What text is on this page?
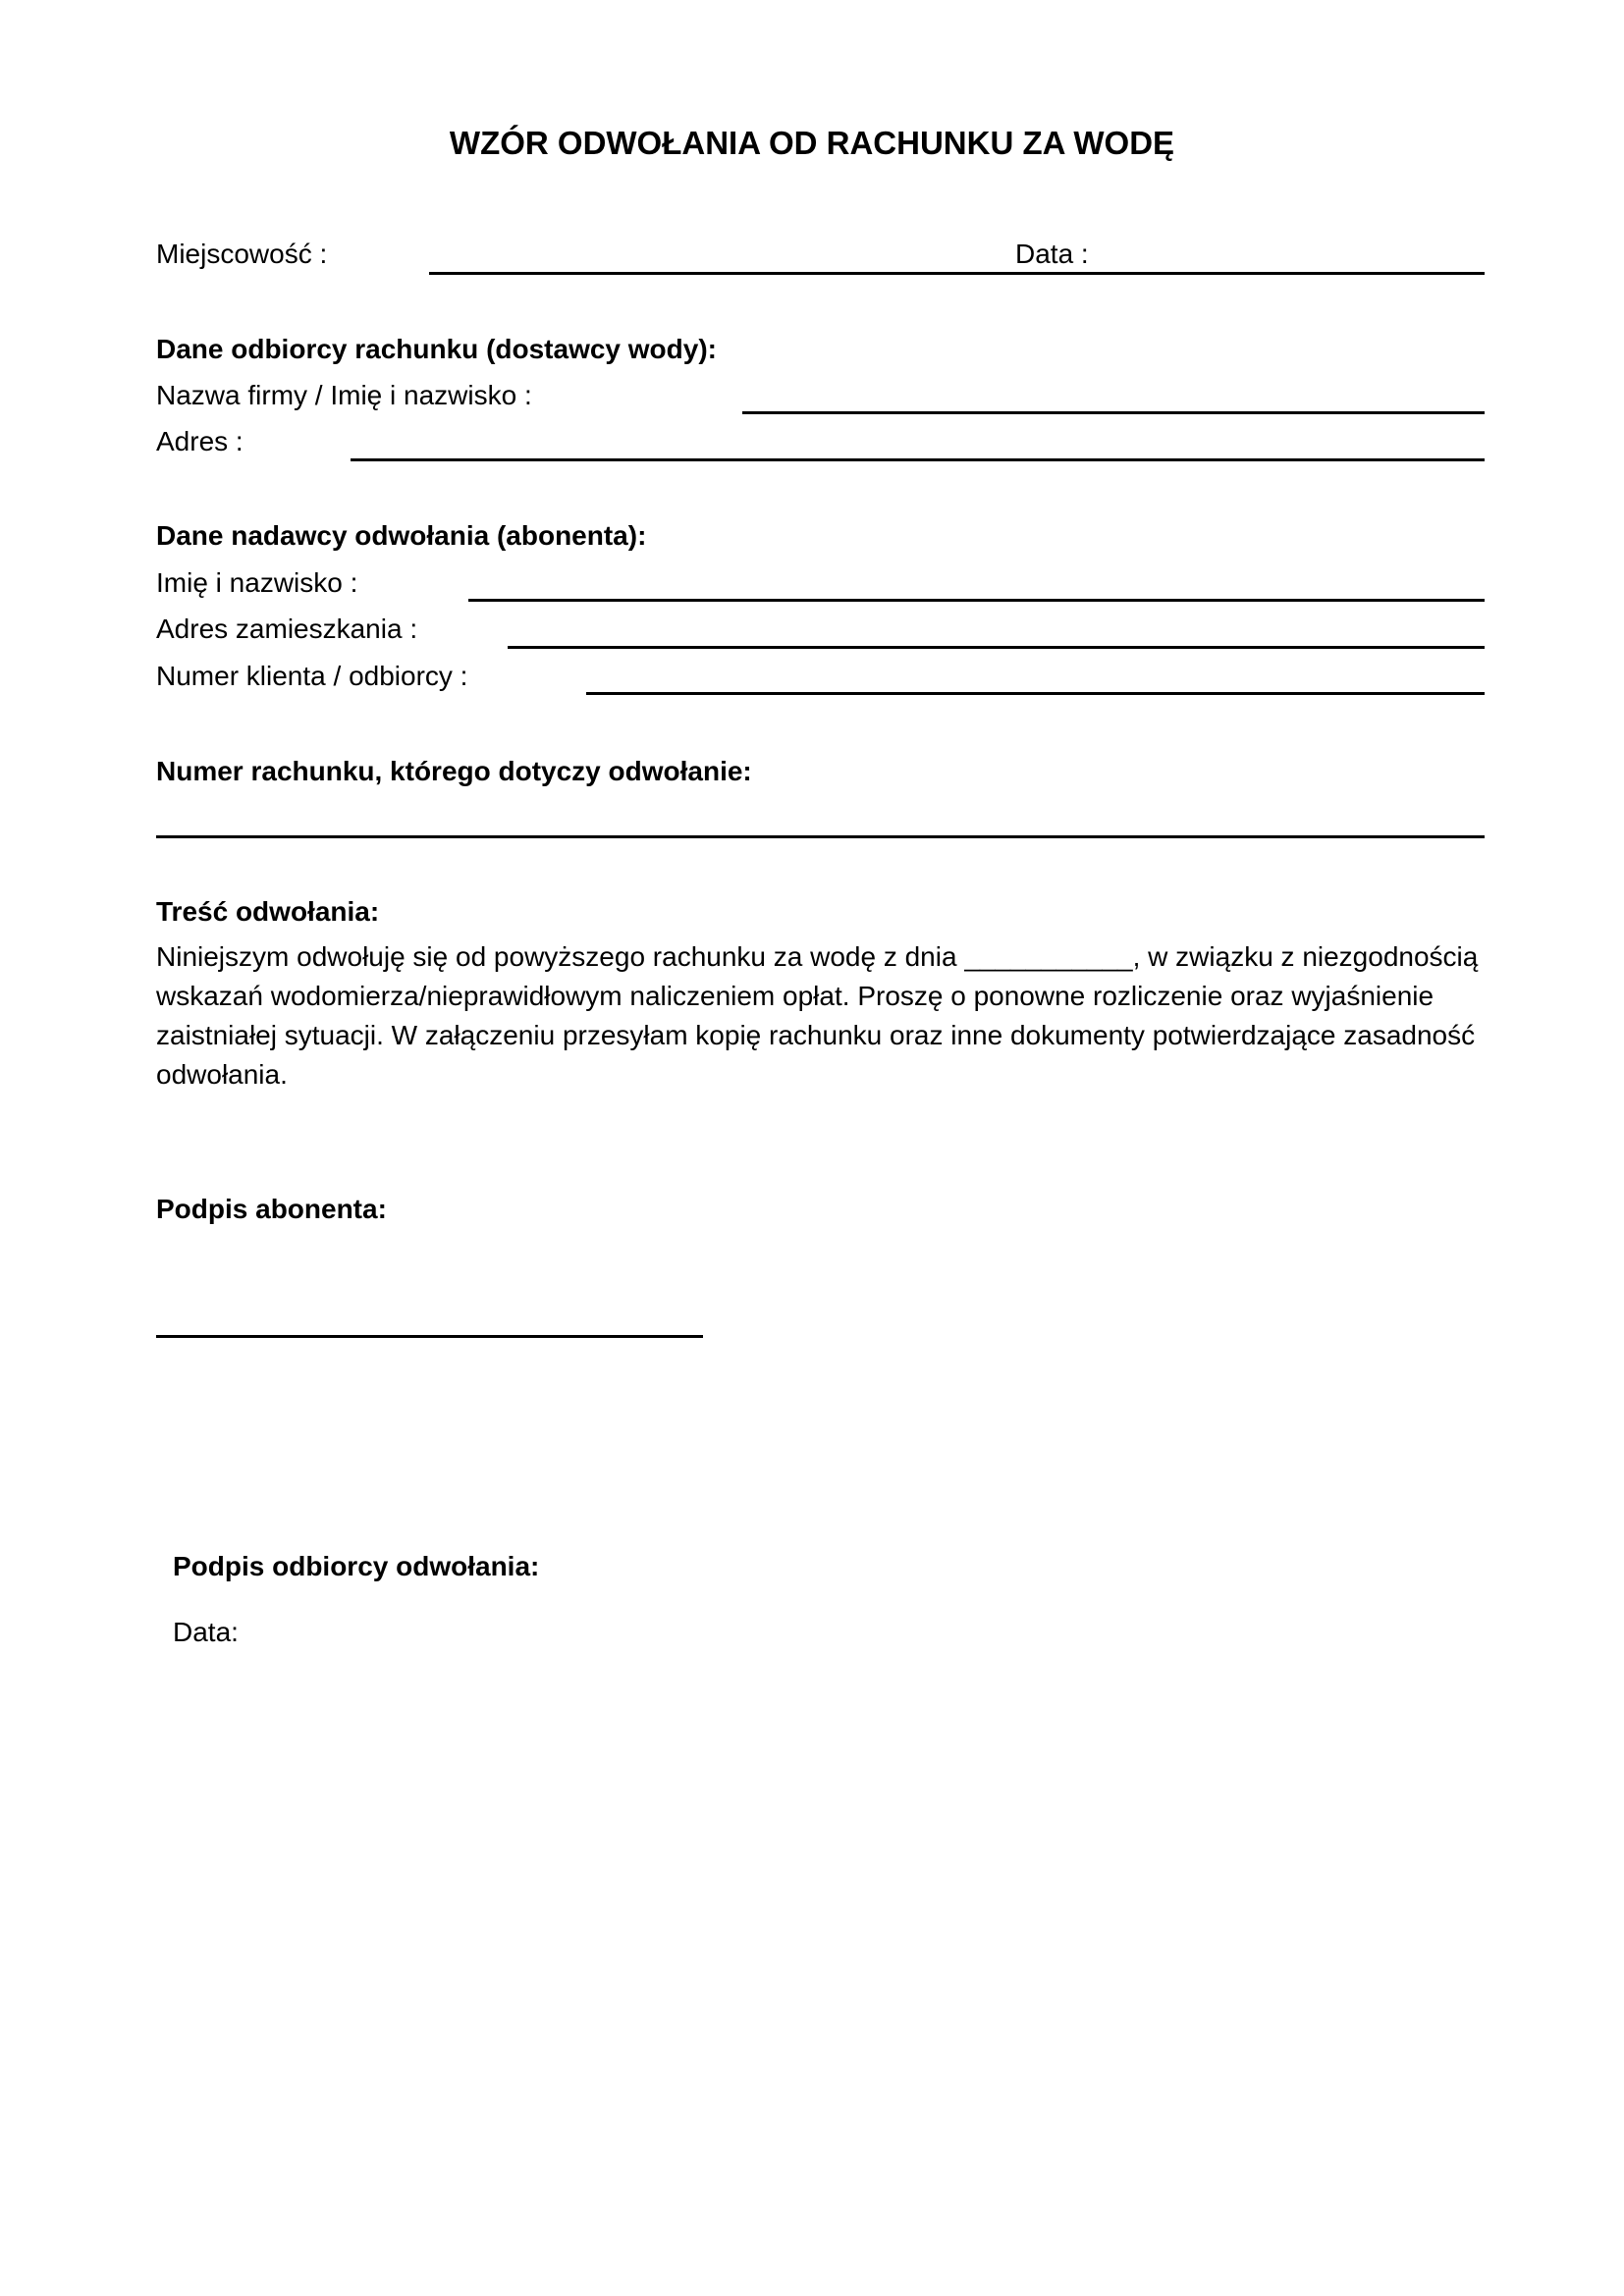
WZÓR ODWOŁANIA OD RACHUNKU ZA WODĘ

Miejscowość :	Data :

Dane odbiorcy rachunku (dostawcy wody):

Nazwa firmy / Imię i nazwisko :

Adres :

Dane nadawcy odwołania (abonenta):

Imię i nazwisko :

Adres zamieszkania :

Numer klienta / odbiorcy :

Numer rachunku, którego dotyczy odwołanie:

Treść odwołania:

Niniejszym odwołuję się od powyższego rachunku za wodę z dnia ___________, w związku z niezgodnością wskazań wodomierza/nieprawidłowym naliczeniem opłat. Proszę o ponowne rozliczenie oraz wyjaśnienie zaistniałej sytuacji. W załączeniu przesyłam kopię rachunku oraz inne dokumenty potwierdzające zasadność odwołania.

Podpis abonenta:

Podpis odbiorcy odwołania:

Data:
